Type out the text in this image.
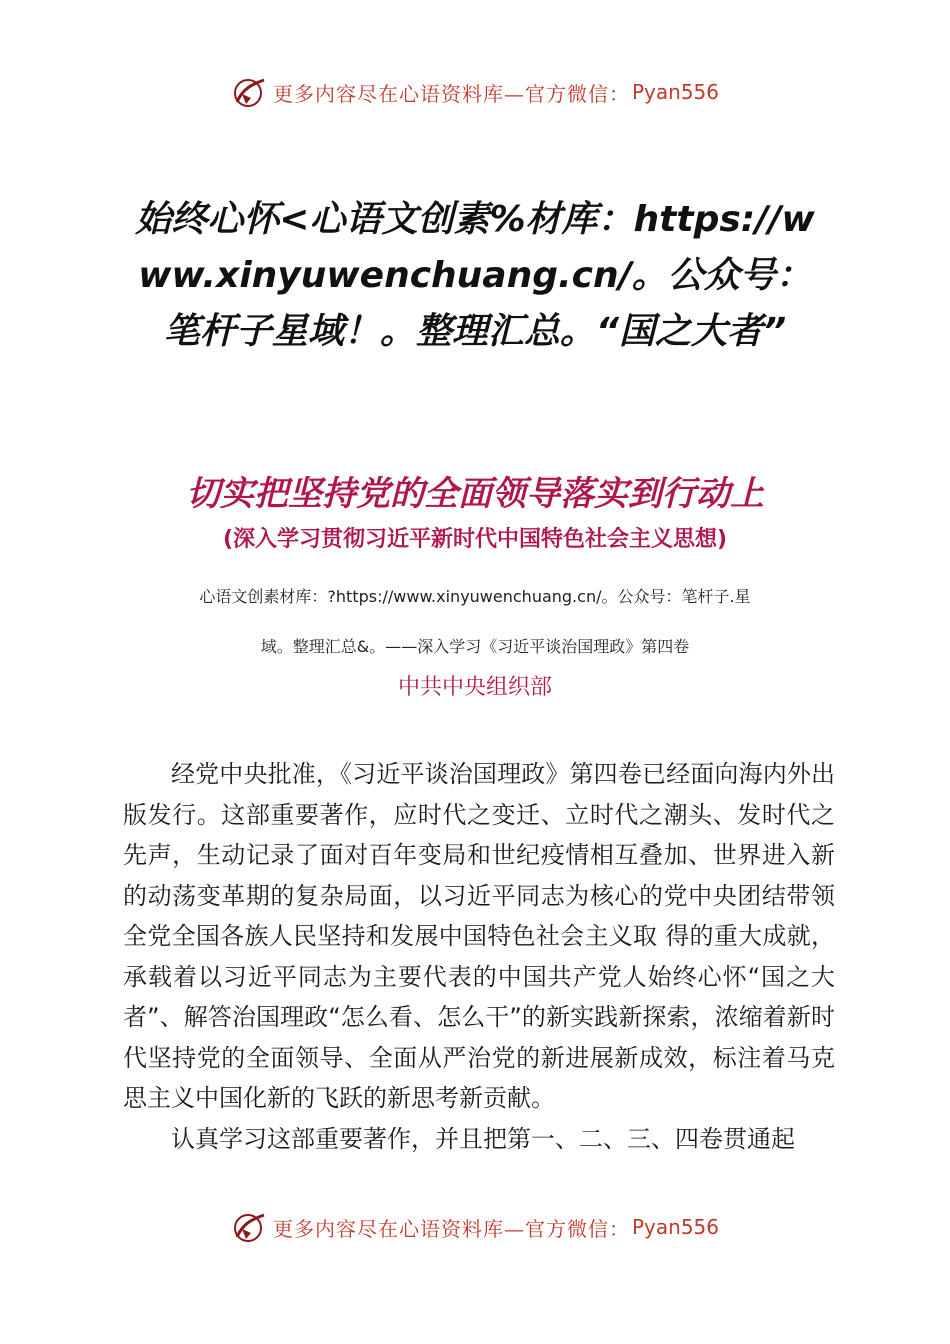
更多内容尽在心语资料库—官方微信： Pyan556
始终心怀<心语文创素%材库：https://www.xinyuwenchuang.cn/。公众号：笔杆子星域！。整理汇总。“国之大者”
切实把坚持党的全面领导落实到行动上
(深入学习贯彻习近平新时代中国特色社会主义思想)
心语文创素材库：?https://www.xinyuwenchuang.cn/。公众号：笔杆子.星
域。整理汇总&。——深入学习《习近平谈治国理政》第四卷
中共中央组织部

经党中央批准，《习近平谈治国理政》第四卷已经面向海内外出版发行。这部重要著作，应时代之变迁、立时代之潮头、发时代之先声，生动记录了面对百年变局和世纪疫情相互叠加、世界进入新的动荡变革期的复杂局面，以习近平同志为核心的党中央团结带领全党全国各族人民坚持和发展中国特色社会主义取 得的重大成就，承载着以习近平同志为主要代表的中国共产党人始终心怀“国之大者”、解答治国理政“怎么看、怎么干”的新实践新探索，浓缩着新时代坚持党的全面领导、全面从严治党的新进展新成效，标注着马克思主义中国化新的飞跃的新思考新贡献。

认真学习这部重要著作，并且把第一、二、三、四卷贯通起

更多内容尽在心语资料库—官方微信： Pyan556
